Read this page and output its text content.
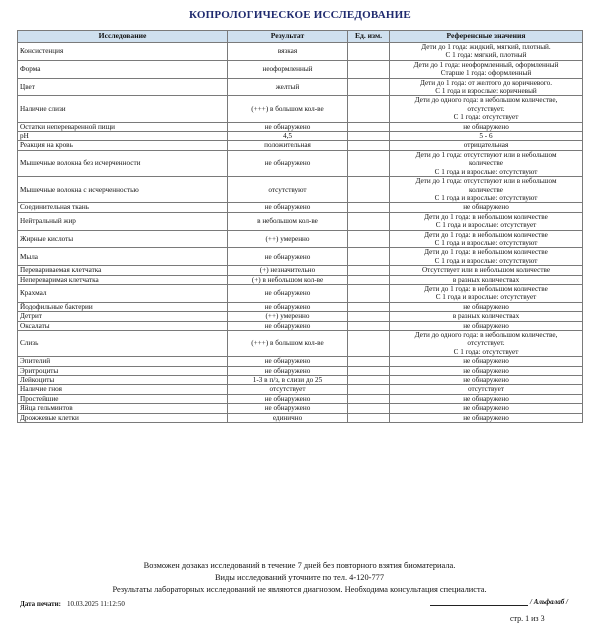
КОПРОЛОГИЧЕСКОЕ ИССЛЕДОВАНИЕ
Исследование	Результат	Ед. изм.	Референсные значения
Консистенция	вязкая		Дети до 1 года: жидкий, мягкий, плотный.
С 1 года: мягкий, плотный

Форма	неоформленный		Дети до 1 года: неоформленный, оформленный
Старше 1 года: оформленный

Цвет	желтый		Дети до 1 года: от желтого до коричневого.
С 1 года и взрослые: коричневый

Наличие слизи	(+++) в большом кол-ве		Дети до одного года: в небольшом количестве,
отсутствует.
С 1 года: отсутствует

Остатки непереваренной пищи	не обнаружено		не обнаружено

pH	4,5		5 - 6

Реакция на кровь	положительная		отрицательная

Мышечные волокна без исчерченности	не обнаружено		Дети до 1 года: отсутствуют или в небольшом
количестве
С 1 года и взрослые: отсутствуют

Мышечные волокна с исчерченностью	отсутствуют		Дети до 1 года: отсутствуют или в небольшом
количестве
С 1 года и взрослые: отсутствуют

Соединительная ткань	не обнаружено		не обнаружено

Нейтральный жир	в небольшом кол-ве		Дети до 1 года: в небольшом количестве
С 1 года и взрослые: отсутствует

Жирные кислоты	(++) умеренно		Дети до 1 года: в небольшом количестве
С 1 года и взрослые: отсутствуют

Мыла	не обнаружено		Дети до 1 года: в небольшом количестве
С 1 года и взрослые: отсутствуют

Перевариваемая клетчатка	(+) незначительно		Отсутствует или в небольшом количестве

Непереваримая клетчатка	(+) в небольшом кол-ве		в разных количествах

Крахмал	не обнаружено		Дети до 1 года: в небольшом количестве
С 1 года и взрослые: отсутствует

Йодофильные бактерии	не обнаружено		не обнаружено

Детрит	(++) умеренно		в разных количествах

Оксалаты	не обнаружено		не обнаружено

Слизь	(+++) в большом кол-ве		Дети до одного года: в небольшом количестве,
отсутствует.
С 1 года: отсутствует

Эпителий	не обнаружено		не обнаружено

Эритроциты	не обнаружено		не обнаружено

Лейкоциты	1-3 в п/з, в слизи до 25		не обнаружено

Наличие гноя	отсутствует		отсутствует

Простейшие	не обнаружено		не обнаружено

Яйца гельминтов	не обнаружено		не обнаружено

Дрожжевые клетки	единично		не обнаружено
Возможен дозаказ исследований в течение 7 дней без повторного взятия биоматериала.
Виды исследований уточните по тел. 4-120-777
Результаты лабораторных исследований не являются диагнозом. Необходима консультация специалиста.
Дата печати: 10.03.2025 11:12:50	/ Альфалаб /
стр. 1 из 3
